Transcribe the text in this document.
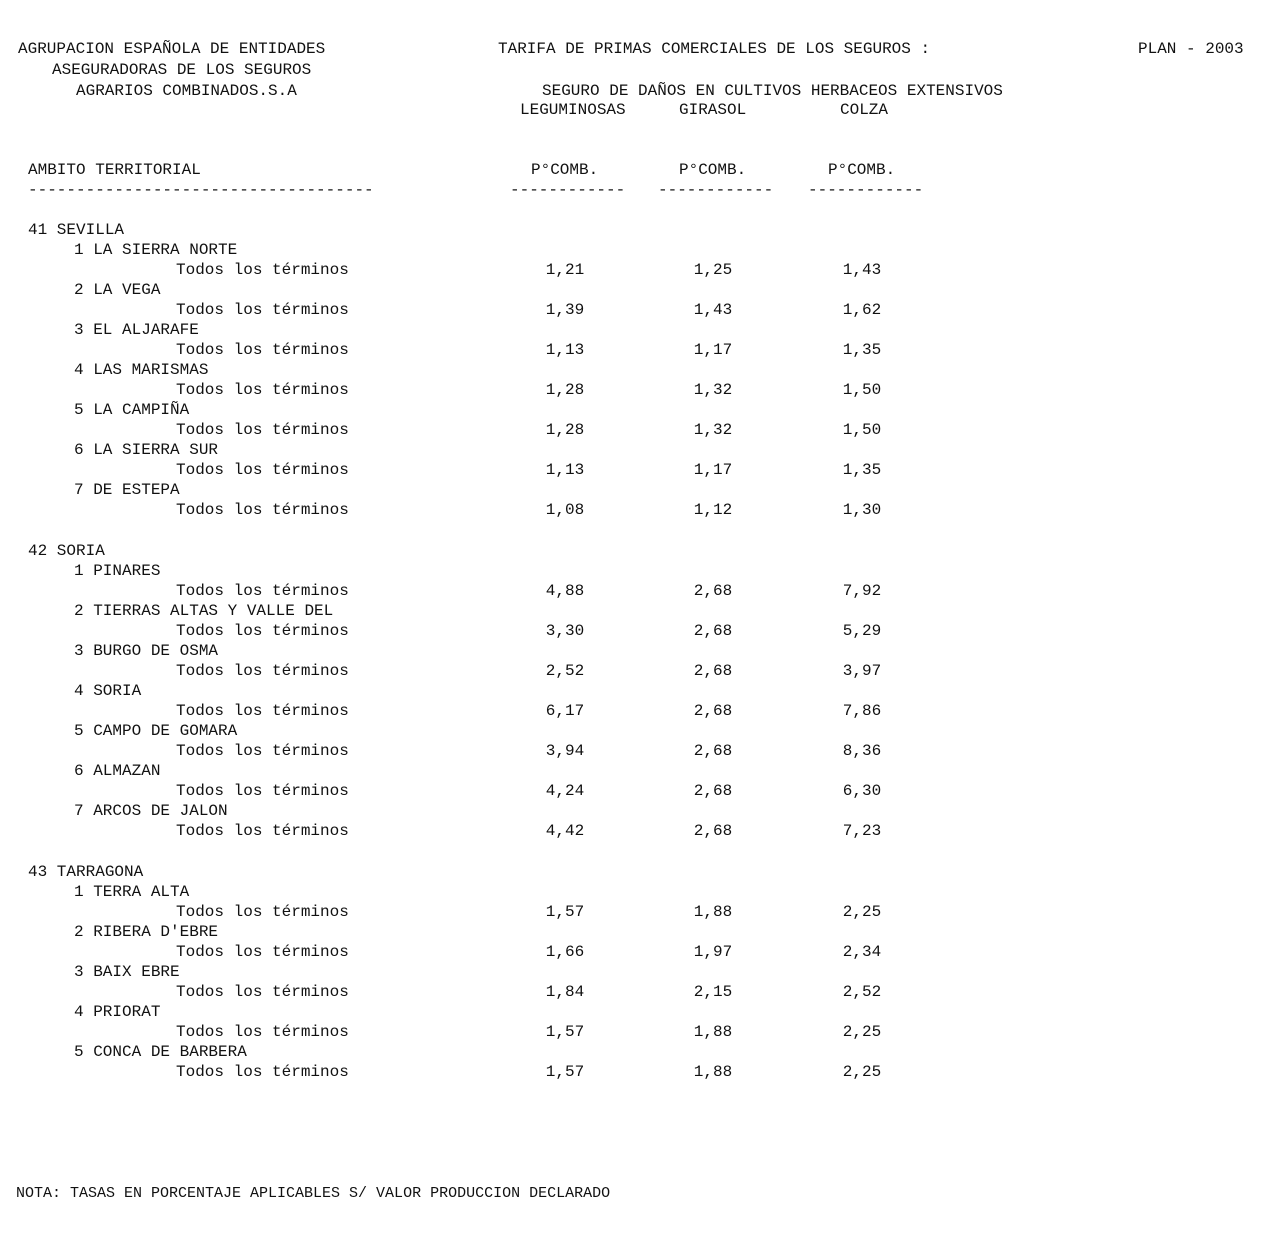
AGRUPACION ESPAÑOLA DE ENTIDADES
ASEGURADORAS DE LOS SEGUROS
AGRARIOS COMBINADOS.S.A
TARIFA DE PRIMAS COMERCIALES DE LOS SEGUROS :	PLAN - 2003
SEGURO DE DAÑOS EN CULTIVOS HERBACEOS EXTENSIVOS
LEGUMINOSAS	GIRASOL	COLZA
AMBITO TERRITORIAL	P°COMB.	P°COMB.	P°COMB.
------------------------------------	------------ ------------ ------------
41 SEVILLA
1 LA SIERRA NORTE
Todos los términos	1,21	1,25	1,43
2 LA VEGA
Todos los términos	1,39	1,43	1,62
3 EL ALJARAFE
Todos los términos	1,13	1,17	1,35
4 LAS MARISMAS
Todos los términos	1,28	1,32	1,50
5 LA CAMPIÑA
Todos los términos	1,28	1,32	1,50
6 LA SIERRA SUR
Todos los términos	1,13	1,17	1,35
7 DE ESTEPA
Todos los términos	1,08	1,12	1,30
42 SORIA
1 PINARES
Todos los términos	4,88	2,68	7,92
2 TIERRAS ALTAS Y VALLE DEL
Todos los términos	3,30	2,68	5,29
3 BURGO DE OSMA
Todos los términos	2,52	2,68	3,97
4 SORIA
Todos los términos	6,17	2,68	7,86
5 CAMPO DE GOMARA
Todos los términos	3,94	2,68	8,36
6 ALMAZAN
Todos los términos	4,24	2,68	6,30
7 ARCOS DE JALON
Todos los términos	4,42	2,68	7,23
43 TARRAGONA
1 TERRA ALTA
Todos los términos	1,57	1,88	2,25
2 RIBERA D'EBRE
Todos los términos	1,66	1,97	2,34
3 BAIX EBRE
Todos los términos	1,84	2,15	2,52
4 PRIORAT
Todos los términos	1,57	1,88	2,25
5 CONCA DE BARBERA
Todos los términos	1,57	1,88	2,25
NOTA: TASAS EN PORCENTAJE APLICABLES S/ VALOR PRODUCCION DECLARADO
